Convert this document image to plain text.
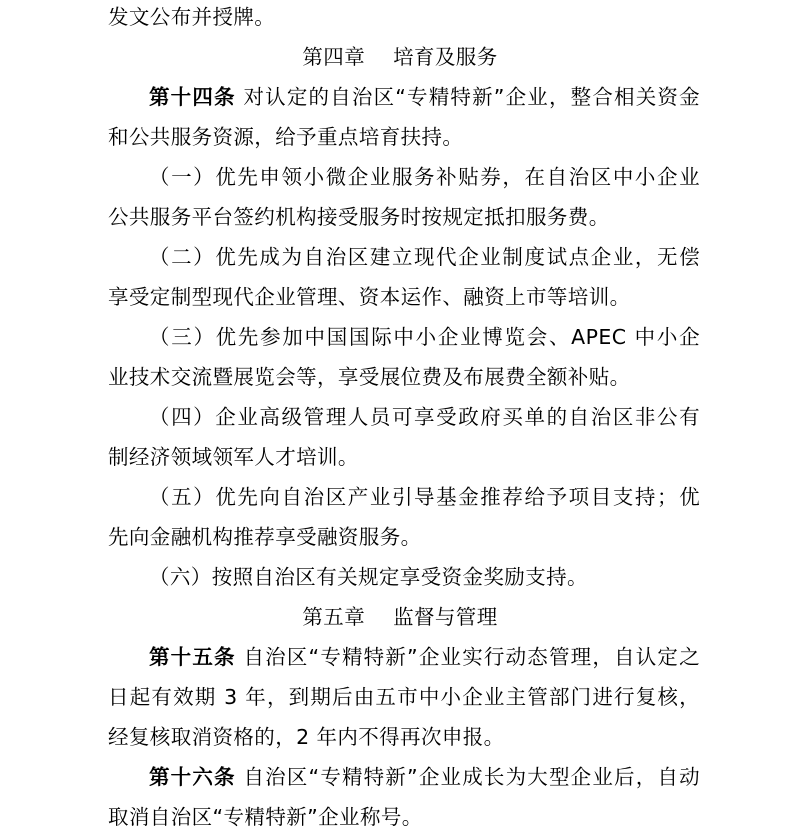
发文公布并授牌。
第四章 培育及服务
第十四条 对认定的自治区“专精特新”企业，整合相关资金
和公共服务资源，给予重点培育扶持。
（一）优先申领小微企业服务补贴券，在自治区中小企业
公共服务平台签约机构接受服务时按规定抵扣服务费。
（二）优先成为自治区建立现代企业制度试点企业，无偿
享受定制型现代企业管理、资本运作、融资上市等培训。
（三）优先参加中国国际中小企业博览会、APEC 中小企
业技术交流暨展览会等，享受展位费及布展费全额补贴。
（四）企业高级管理人员可享受政府买单的自治区非公有
制经济领域领军人才培训。
（五）优先向自治区产业引导基金推荐给予项目支持；优
先向金融机构推荐享受融资服务。
（六）按照自治区有关规定享受资金奖励支持。
第五章 监督与管理
第十五条 自治区“专精特新”企业实行动态管理，自认定之
日起有效期 3 年，到期后由五市中小企业主管部门进行复核，
经复核取消资格的，2 年内不得再次申报。
第十六条 自治区“专精特新”企业成长为大型企业后，自动
取消自治区“专精特新”企业称号。
